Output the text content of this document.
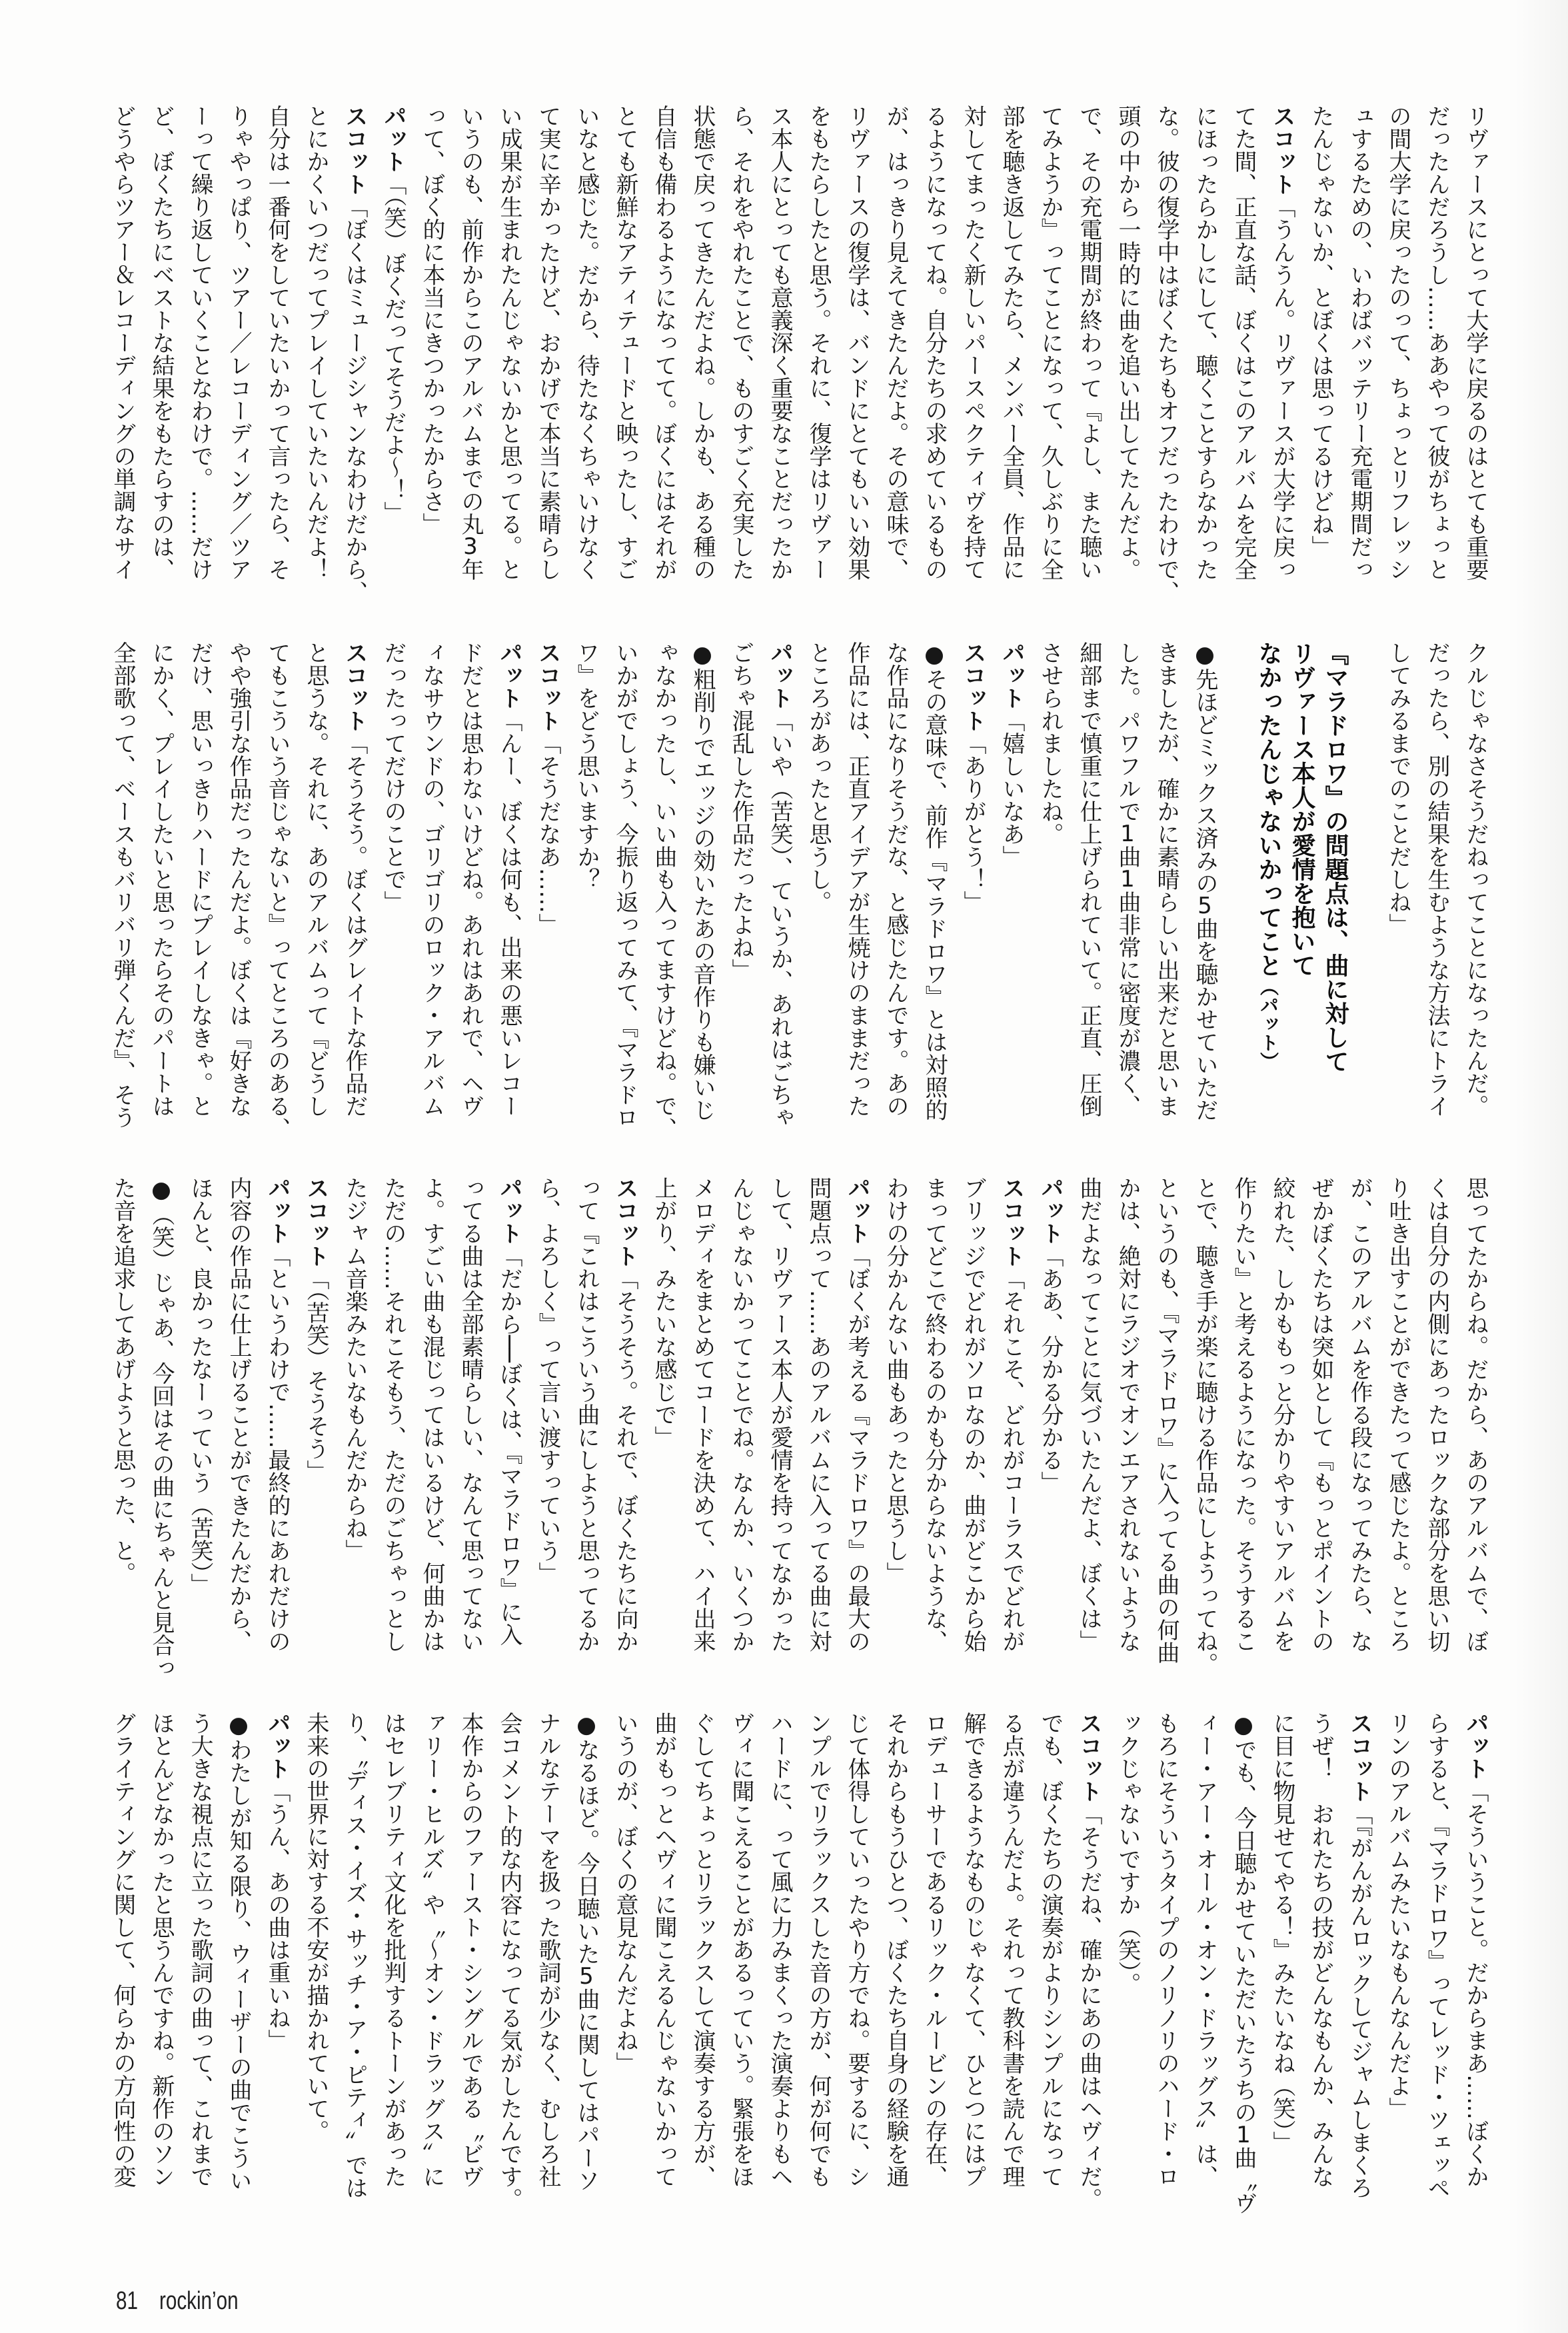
リヴァースにとって大学に戻るのはとても重要
だったんだろうし……ああやって彼がちょっと
の間大学に戻ったのって、ちょっとリフレッシ
ュするための、いわばバッテリー充電期間だっ
たんじゃないか、とぼくは思ってるけどね」
スコット「うんうん。リヴァースが大学に戻っ
てた間、正直な話、ぼくはこのアルバムを完全
にほったらかしにして、聴くことすらなかった
な。彼の復学中はぼくたちもオフだったわけで、
頭の中から一時的に曲を追い出してたんだよ。
で、その充電期間が終わって『よし、また聴い
てみようか』ってことになって、久しぶりに全
部を聴き返してみたら、メンバー全員、作品に
対してまったく新しいパースペクティヴを持て
るようになってね。自分たちの求めているもの
が、はっきり見えてきたんだよ。その意味で、
リヴァースの復学は、バンドにとてもいい効果
をもたらしたと思う。それに、復学はリヴァー
ス本人にとっても意義深く重要なことだったか
ら、それをやれたことで、ものすごく充実した
状態で戻ってきたんだよね。しかも、ある種の
自信も備わるようになってて。ぼくにはそれが
とても新鮮なアティテュードと映ったし、すご
いなと感じた。だから、待たなくちゃいけなく
て実に辛かったけど、おかげで本当に素晴らし
い成果が生まれたんじゃないかと思ってる。と
いうのも、前作からこのアルバムまでの丸3年
って、ぼく的に本当にきつかったからさ」
パット「（笑）ぼくだってそうだよ〜！」
スコット「ぼくはミュージシャンなわけだから、
とにかくいつだってプレイしていたいんだよ！
自分は一番何をしていたいかって言ったら、そ
りゃやっぱり、ツアー／レコーディング／ツア
ーって繰り返していくことなわけで。……だけ
ど、ぼくたちにベストな結果をもたらすのは、
どうやらツアー＆レコーディングの単調なサイ
クルじゃなさそうだねってことになったんだ。
だったら、別の結果を生むような方法にトライ
してみるまでのことだしね」
『マラドロワ』の問題点は、曲に対して
リヴァース本人が愛情を抱いて
なかったんじゃないかってこと（パット）
●先ほどミックス済みの5曲を聴かせていただ
きましたが、確かに素晴らしい出来だと思いま
した。パワフルで1曲1曲非常に密度が濃く、
細部まで慎重に仕上げられていて。正直、圧倒
させられましたね。
パット「嬉しいなあ」
スコット「ありがとう！」
●その意味で、前作『マラドロワ』とは対照的
な作品になりそうだな、と感じたんです。あの
作品には、正直アイデアが生焼けのままだった
ところがあったと思うし。
パット「いや（苦笑）、ていうか、あれはごちゃ
ごちゃ混乱した作品だったよね」
●粗削りでエッジの効いたあの音作りも嫌いじ
ゃなかったし、いい曲も入ってますけどね。で、
いかがでしょう、今振り返ってみて、『マラドロ
ワ』をどう思いますか？
スコット「そうだなあ……」
パット「んー、ぼくは何も、出来の悪いレコー
ドだとは思わないけどね。あれはあれで、ヘヴ
ィなサウンドの、ゴリゴリのロック・アルバム
だったってだけのことで」
スコット「そうそう。ぼくはグレイトな作品だ
と思うな。それに、あのアルバムって『どうし
てもこういう音じゃないと』ってところのある、
やや強引な作品だったんだよ。ぼくは『好きな
だけ、思いっきりハードにプレイしなきゃ。と
にかく、プレイしたいと思ったらそのパートは
全部歌って、ベースもバリバリ弾くんだ』、そう
思ってたからね。だから、あのアルバムで、ぼ
くは自分の内側にあったロックな部分を思い切
り吐き出すことができたって感じたよ。ところ
が、このアルバムを作る段になってみたら、な
ぜかぼくたちは突如として『もっとポイントの
絞れた、しかももっと分かりやすいアルバムを
作りたい』と考えるようになった。そうするこ
とで、聴き手が楽に聴ける作品にしようってね。
というのも、『マラドロワ』に入ってる曲の何曲
かは、絶対にラジオでオンエアされないような
曲だよなってことに気づいたんだよ、ぼくは」
パット「ああ、分かる分かる」
スコット「それこそ、どれがコーラスでどれが
ブリッジでどれがソロなのか、曲がどこから始
まってどこで終わるのかも分からないような、
わけの分かんない曲もあったと思うし」
パット「ぼくが考える『マラドロワ』の最大の
問題点って……あのアルバムに入ってる曲に対
して、リヴァース本人が愛情を持ってなかった
んじゃないかってことでね。なんか、いくつか
メロディをまとめてコードを決めて、ハイ出来
上がり、みたいな感じで」
スコット「そうそう。それで、ぼくたちに向か
って『これはこういう曲にしようと思ってるか
ら、よろしく』って言い渡すっていう」
パット「だから──ぼくは、『マラドロワ』に入
ってる曲は全部素晴らしい、なんて思ってない
よ。すごい曲も混じってはいるけど、何曲かは
ただの……それこそもう、ただのごちゃっとし
たジャム音楽みたいなもんだからね」
スコット「（苦笑）そうそう」
パット「というわけで……最終的にあれだけの
内容の作品に仕上げることができたんだから、
ほんと、良かったなーっていう（苦笑）」
●（笑）じゃあ、今回はその曲にちゃんと見合っ
た音を追求してあげようと思った、と。
パット「そういうこと。だからまあ……ぼくか
らすると、『マラドロワ』ってレッド・ツェッペ
リンのアルバムみたいなもんなんだよ」
スコット「『がんがんロックしてジャムしまくろ
うぜ！　おれたちの技がどんなもんか、みんな
に目に物見せてやる！』みたいなね（笑）」
●でも、今日聴かせていただいたうちの1曲〝ヴ
ィー・アー・オール・オン・ドラッグス〟は、
もろにそういうタイプのノリノリのハード・ロ
ックじゃないですか（笑）。
スコット「そうだね、確かにあの曲はヘヴィだ。
でも、ぼくたちの演奏がよりシンプルになって
る点が違うんだよ。それって教科書を読んで理
解できるようなものじゃなくて、ひとつにはプ
ロデューサーであるリック・ルービンの存在、
それからもうひとつ、ぼくたち自身の経験を通
じて体得していったやり方でね。要するに、シ
ンプルでリラックスした音の方が、何が何でも
ハードに、って風に力みまくった演奏よりもヘ
ヴィに聞こえることがあるっていう。緊張をほ
ぐしてちょっとリラックスして演奏する方が、
曲がもっとヘヴィに聞こえるんじゃないかって
いうのが、ぼくの意見なんだよね」
●なるほど。今日聴いた5曲に関してはパーソ
ナルなテーマを扱った歌詞が少なく、むしろ社
会コメント的な内容になってる気がしたんです。
本作からのファースト・シングルである〝ビヴ
ァリー・ヒルズ〟や〝〜オン・ドラッグス〟に
はセレブリティ文化を批判するトーンがあった
り、〝ディス・イズ・サッチ・ア・ピティ〟では
未来の世界に対する不安が描かれていて。
パット「うん、あの曲は重いね」
●わたしが知る限り、ウィーザーの曲でこうい
う大きな視点に立った歌詞の曲って、これまで
ほとんどなかったと思うんですね。新作のソン
グライティングに関して、何らかの方向性の変
81 rockin’on
